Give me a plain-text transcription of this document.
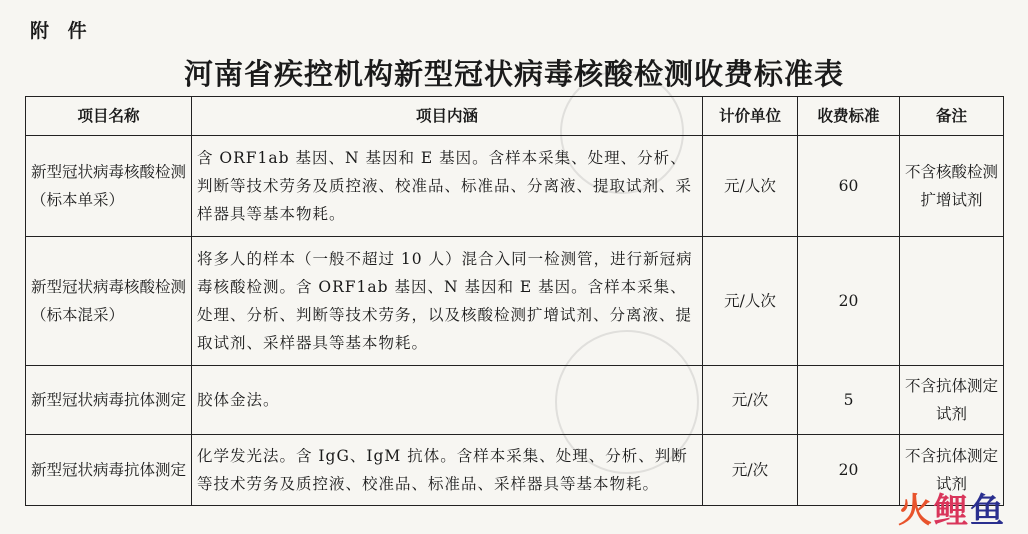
附 件
河南省疾控机构新型冠状病毒核酸检测收费标准表
项目名称	项目内涵	计价单位	收费标准	备注
新型冠状病毒核酸检测（标本单采）	含 ORF1ab 基因、N 基因和 E 基因。含样本采集、处理、分析、判断等技术劳务及质控液、校准品、标准品、分离液、提取试剂、采样器具等基本物耗。	元/人次	60	不含核酸检测扩增试剂
新型冠状病毒核酸检测（标本混采）	将多人的样本（一般不超过 10 人）混合入同一检测管，进行新冠病毒核酸检测。含 ORF1ab 基因、N 基因和 E 基因。含样本采集、处理、分析、判断等技术劳务，以及核酸检测扩增试剂、分离液、提取试剂、采样器具等基本物耗。	元/人次	20	
新型冠状病毒抗体测定	胶体金法。	元/次	5	不含抗体测定试剂
新型冠状病毒抗体测定	化学发光法。含 IgG、IgM 抗体。含样本采集、处理、分析、判断等技术劳务及质控液、校准品、标准品、采样器具等基本物耗。	元/次	20	不含抗体测定试剂
火鲤鱼
